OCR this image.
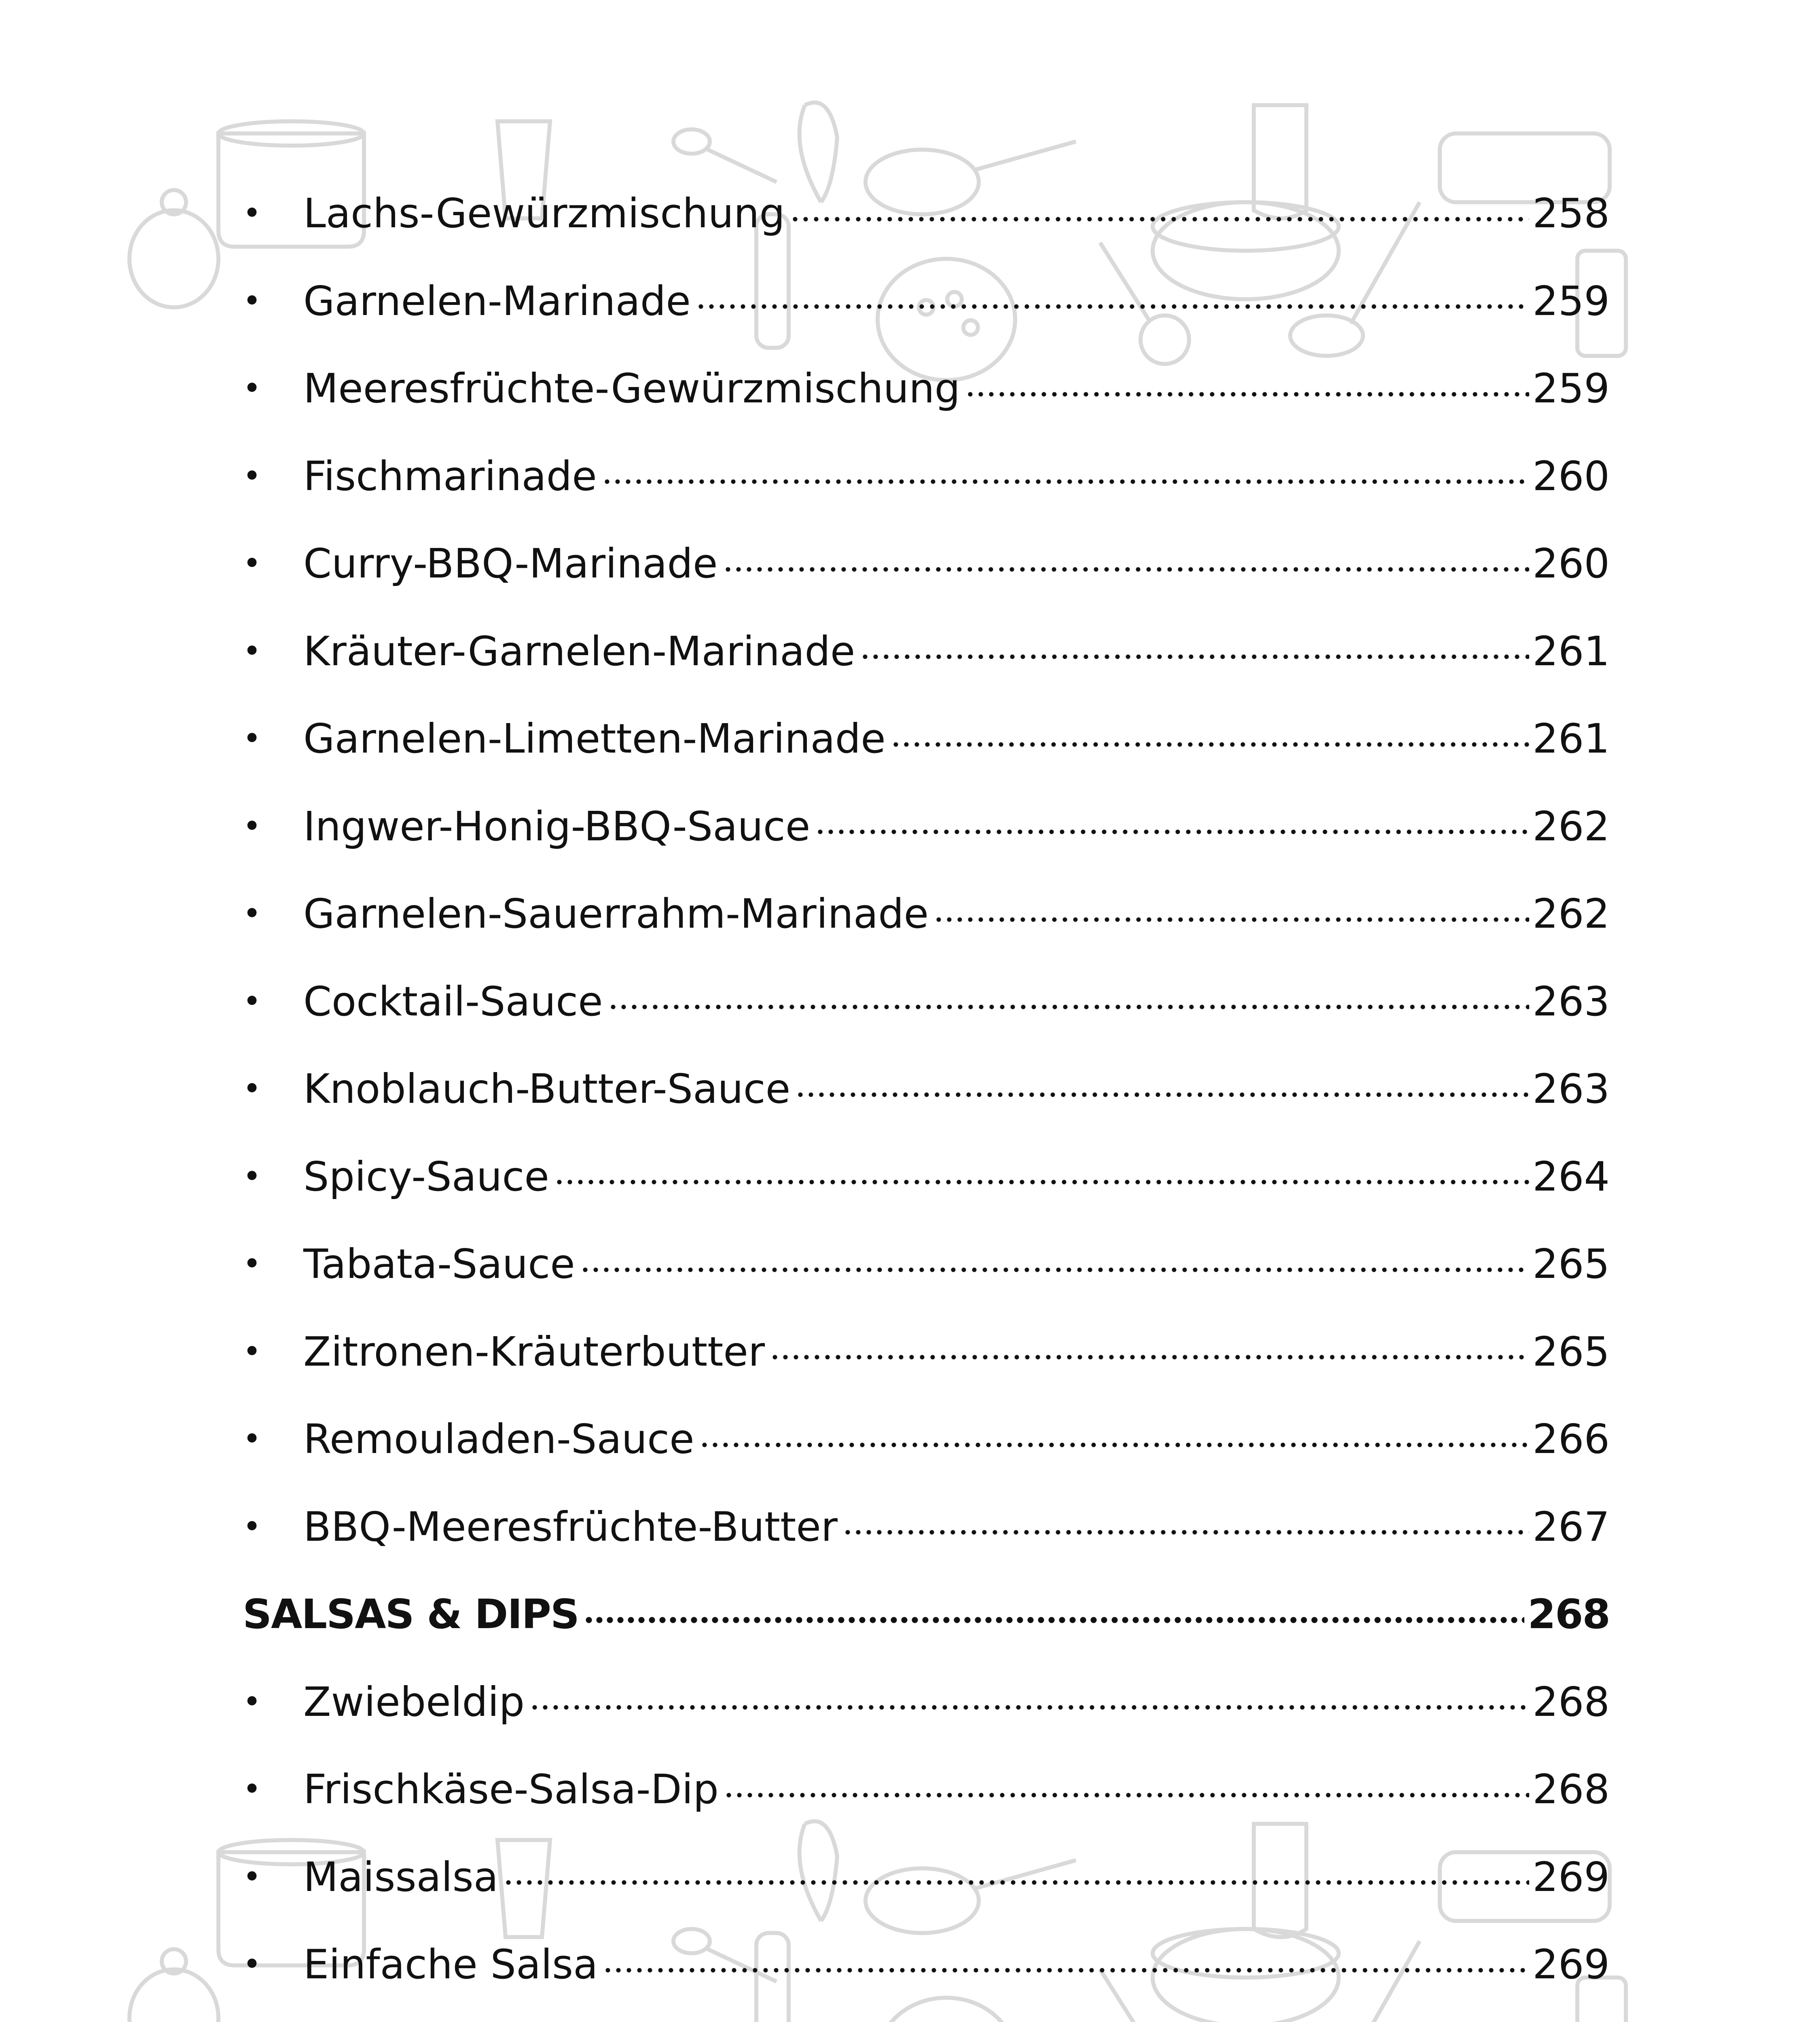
•	Lachs-Gewürzmischung	258
•	Garnelen-Marinade	259
•	Meeresfrüchte-Gewürzmischung	259
•	Fischmarinade	260
•	Curry-BBQ-Marinade	260
•	Kräuter-Garnelen-Marinade	261
•	Garnelen-Limetten-Marinade	261
•	Ingwer-Honig-BBQ-Sauce	262
•	Garnelen-Sauerrahm-Marinade	262
•	Cocktail-Sauce	263
•	Knoblauch-Butter-Sauce	263
•	Spicy-Sauce	264
•	Tabata-Sauce	265
•	Zitronen-Kräuterbutter	265
•	Remouladen-Sauce	266
•	BBQ-Meeresfrüchte-Butter	267
SALSAS & DIPS	268
•	Zwiebeldip	268
•	Frischkäse-Salsa-Dip	268
•	Maissalsa	269
•	Einfache Salsa	269
